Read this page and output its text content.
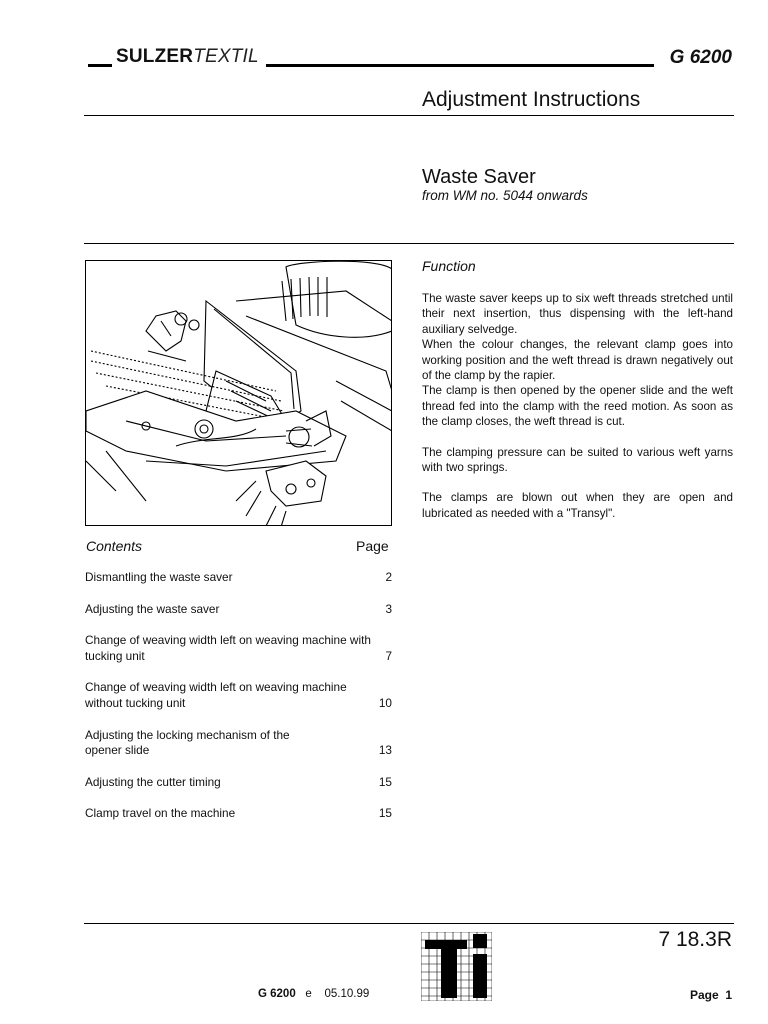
SULZERTEXTIL	G 6200
Adjustment Instructions
Waste Saver
from WM no. 5044 onwards
Function

The waste saver keeps up to six weft threads stretched until their next insertion, thus dispensing with the left-hand auxiliary selvedge.

When the colour changes, the relevant clamp goes into working position and the weft thread is drawn negatively out of the clamp by the rapier.

The clamp is then opened by the opener slide and the weft thread fed into the clamp with the reed motion. As soon as the clamp closes, the weft thread is cut.

The clamping pressure can be suited to various weft yarns with two springs.

The clamps are blown out when they are open and lubricated as needed with a "Transyl".

Contents	Page
Dismantling the waste saver	2
Adjusting the waste saver	3
Change of weaving width left on weaving machine with tucking unit	7
Change of weaving width left on weaving machine without tucking unit	10
Adjusting the locking mechanism of the opener slide	13
Adjusting the cutter timing	15
Clamp travel on the machine	15
7 18.3R
G 6200 e 05.10.99	Page 1
